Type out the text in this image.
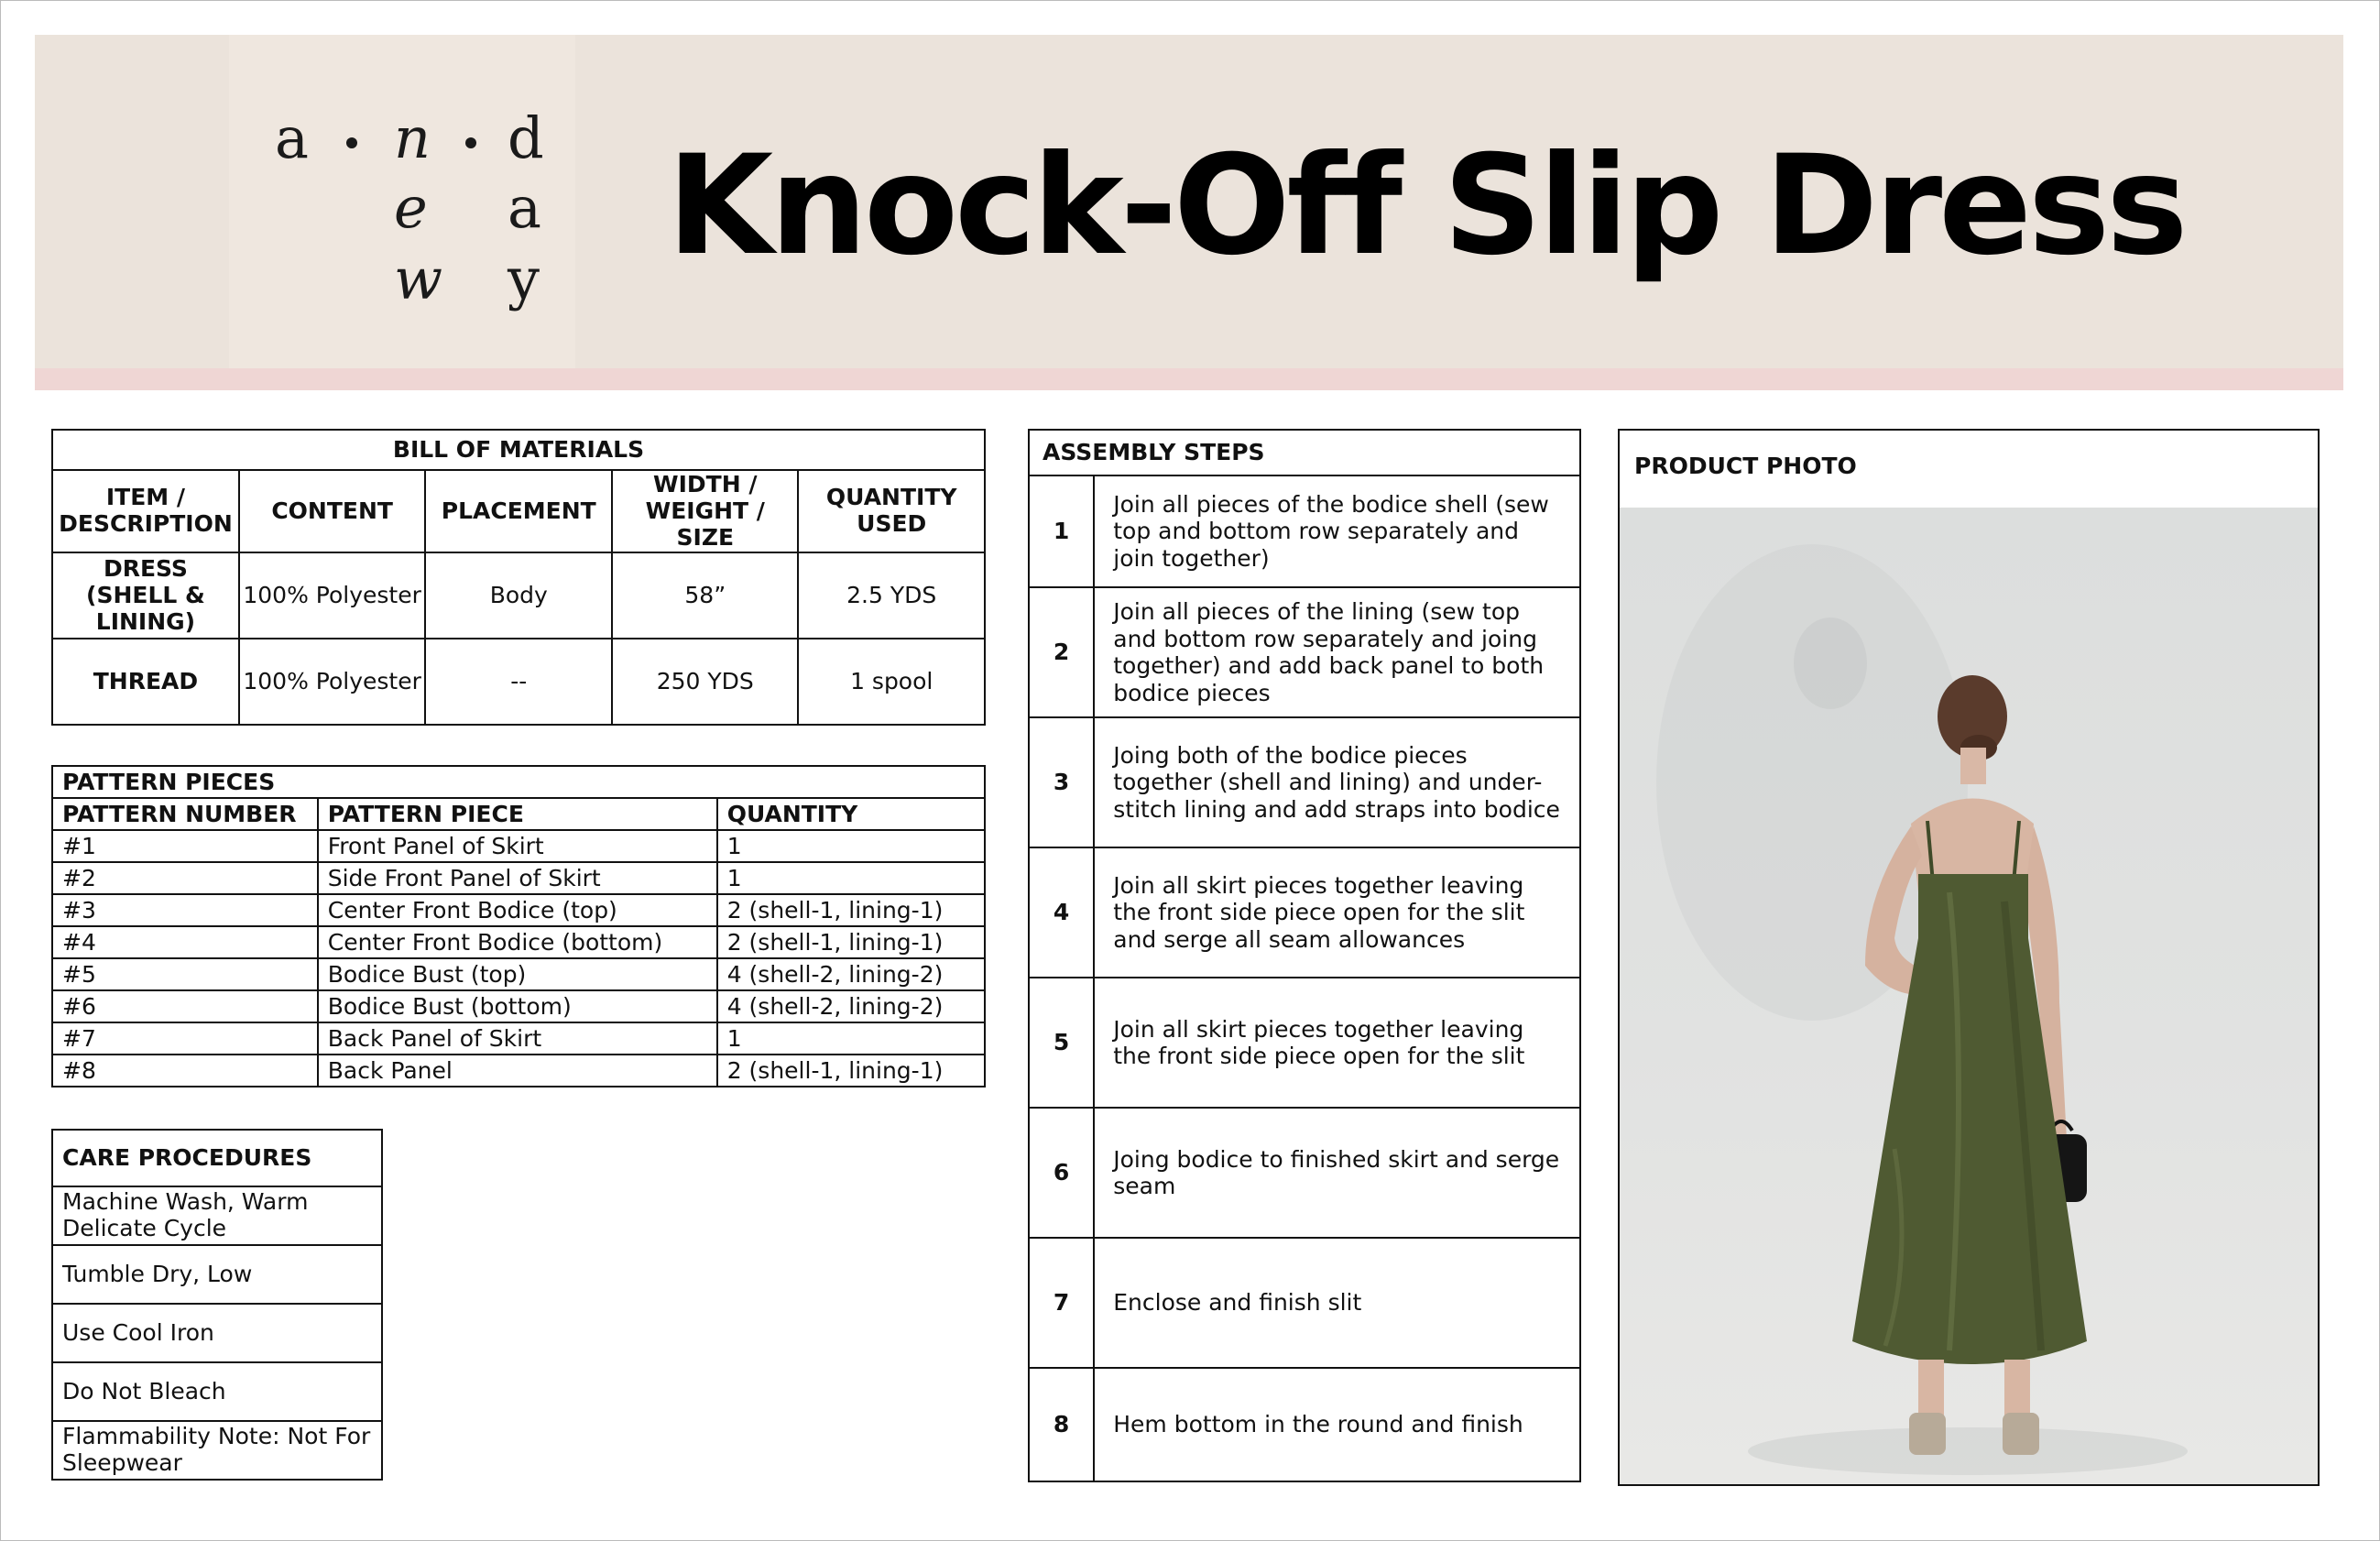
a n d
e a
w y Knock-Off Slip Dress
BILL OF MATERIALS				
ITEM / DESCRIPTION	CONTENT	PLACEMENT	WIDTH / WEIGHT / SIZE	QUANTITY USED
DRESS (SHELL & LINING)	100% Polyester	Body	58”	2.5 YDS
THREAD	100% Polyester	--	250 YDS	1 spool
PATTERN PIECES		
PATTERN NUMBER	PATTERN PIECE	QUANTITY
#1	Front Panel of Skirt	1
#2	Side Front Panel of Skirt	1
#3	Center Front Bodice (top)	2 (shell-1, lining-1)
#4	Center Front Bodice (bottom)	2 (shell-1, lining-1)
#5	Bodice Bust (top)	4 (shell-2, lining-2)
#6	Bodice Bust (bottom)	4 (shell-2, lining-2)
#7	Back Panel of Skirt	1
#8	Back Panel	2 (shell-1, lining-1)
CARE PROCEDURES
Machine Wash, Warm Delicate Cycle
Tumble Dry, Low
Use Cool Iron
Do Not Bleach
Flammability Note: Not For Sleepwear
ASSEMBLY STEPS	
1	Join all pieces of the bodice shell (sew top and bottom row separately and join together)
2	Join all pieces of the lining (sew top and bottom row separately and joing together) and add back panel to both bodice pieces
3	Joing both of the bodice pieces together (shell and lining) and under-stitch lining and add straps into bodice
4	Join all skirt pieces together leaving the front side piece open for the slit and serge all seam allowances
5	Join all skirt pieces together leaving the front side piece open for the slit
6	Joing bodice to finished skirt and serge seam
7	Enclose and finish slit
8	Hem bottom in the round and finish
PRODUCT PHOTO
